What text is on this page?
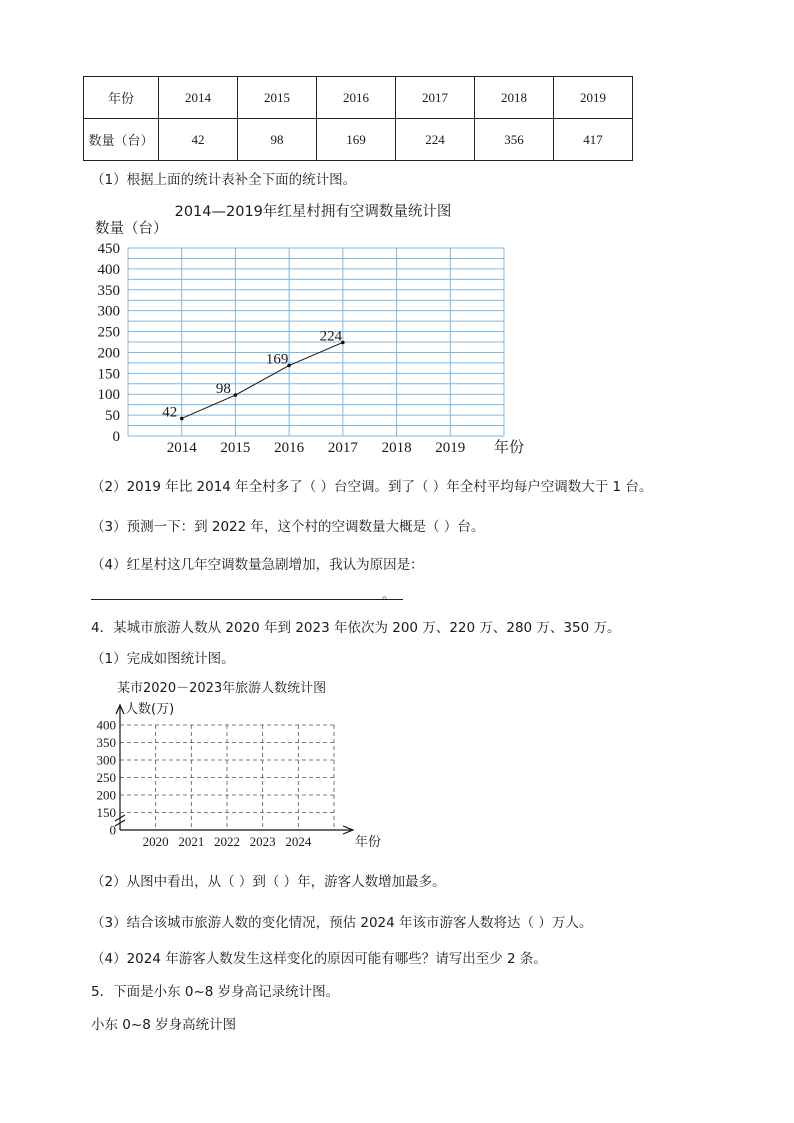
年份	2014	2015	2016	2017	2018	2019
数量（台）	42	98	169	224	356	417
（1）根据上面的统计表补全下面的统计图。
2014—2019年红星村拥有空调数量统计图
数量（台）
450
400
350
300
250
200
150
100
50
0
2014 2015 2016 2017 2018 2019 年份
42
98
169
224
（2）2019 年比 2014 年全村多了（ ）台空调。到了（ ）年全村平均每户空调数大于 1 台。
（3）预测一下：到 2022 年，这个村的空调数量大概是（ ）台。
（4）红星村这几年空调数量急剧增加，我认为原因是：
。
4．某城市旅游人数从 2020 年到 2023 年依次为 200 万、220 万、280 万、350 万。
（1）完成如图统计图。
某市2020－2023年旅游人数统计图
人数(万)
400
350
300
250
200
150
0
2020 2021 2022 2023 2024	年份
（2）从图中看出，从（ ）到（ ）年，游客人数增加最多。
（3）结合该城市旅游人数的变化情况，预估 2024 年该市游客人数将达（ ）万人。
（4）2024 年游客人数发生这样变化的原因可能有哪些？请写出至少 2 条。
5．下面是小东 0~8 岁身高记录统计图。
小东 0~8 岁身高统计图
